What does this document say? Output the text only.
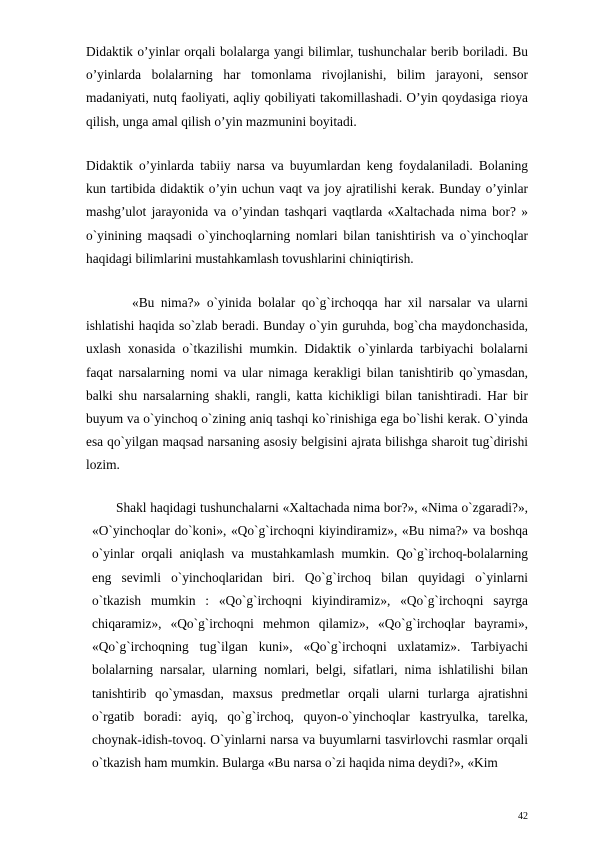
Didaktik o’yinlar orqali bolalarga yangi bilimlar, tushunchalar berib boriladi. Bu o’yinlarda bolalarning har tomonlama rivojlanishi, bilim jarayoni, sensor madaniyati, nutq faoliyati, aqliy qobiliyati takomillashadi. O’yin qoydasiga rioya qilish, unga amal qilish o’yin mazmunini boyitadi.

Didaktik o’yinlarda tabiiy narsa va buyumlardan keng foydalaniladi. Bolaning kun tartibida didaktik o’yin uchun vaqt va joy ajratilishi kerak. Bunday o’yinlar mashg’ulot jarayonida va o’yindan tashqari vaqtlarda «Xaltachada nima bor? » o`yinining maqsadi o`yinchoqlarning nomlari bilan tanishtirish va o`yinchoqlar haqidagi bilimlarini mustahkamlash tovushlarini chiniqtirish.

«Bu nima?» o`yinida bolalar qo`g`irchoqqa har xil narsalar va ularni ishlatishi haqida so`zlab beradi. Bunday o`yin guruhda, bog`cha maydonchasida, uxlash xonasida o`tkazilishi mumkin. Didaktik o`yinlarda tarbiyachi bolalarni faqat narsalarning nomi va ular nimaga kerakligi bilan tanishtirib qo`ymasdan, balki shu narsalarning shakli, rangli, katta kichikligi bilan tanishtiradi. Har bir buyum va o`yinchoq o`zining aniq tashqi ko`rinishiga ega bo`lishi kerak. O`yinda esa qo`yilgan maqsad narsaning asosiy belgisini ajrata bilishga sharoit tug`dirishi lozim.

Shakl haqidagi tushunchalarni «Xaltachada nima bor?», «Nima o`zgaradi?», «O`yinchoqlar do`koni», «Qo`g`irchoqni kiyindiramiz», «Bu nima?» va boshqa o`yinlar orqali aniqlash va mustahkamlash mumkin. Qo`g`irchoq-bolalarning eng sevimli o`yinchoqlaridan biri. Qo`g`irchoq bilan quyidagi o`yinlarni o`tkazish mumkin : «Qo`g`irchoqni kiyindiramiz», «Qo`g`irchoqni sayrga chiqaramiz», «Qo`g`irchoqni mehmon qilamiz», «Qo`g`irchoqlar bayrami», «Qo`g`irchoqning tug`ilgan kuni», «Qo`g`irchoqni uxlatamiz». Tarbiyachi bolalarning narsalar, ularning nomlari, belgi, sifatlari, nima ishlatilishi bilan tanishtirib qo`ymasdan, maxsus predmetlar orqali ularni turlarga ajratishni o`rgatib boradi: ayiq, qo`g`irchoq, quyon-o`yinchoqlar kastryulka, tarelka, choynak-idish-tovoq. O`yinlarni narsa va buyumlarni tasvirlovchi rasmlar orqali o`tkazish ham mumkin. Bularga «Bu narsa o`zi haqida nima deydi?», «Kim

42
